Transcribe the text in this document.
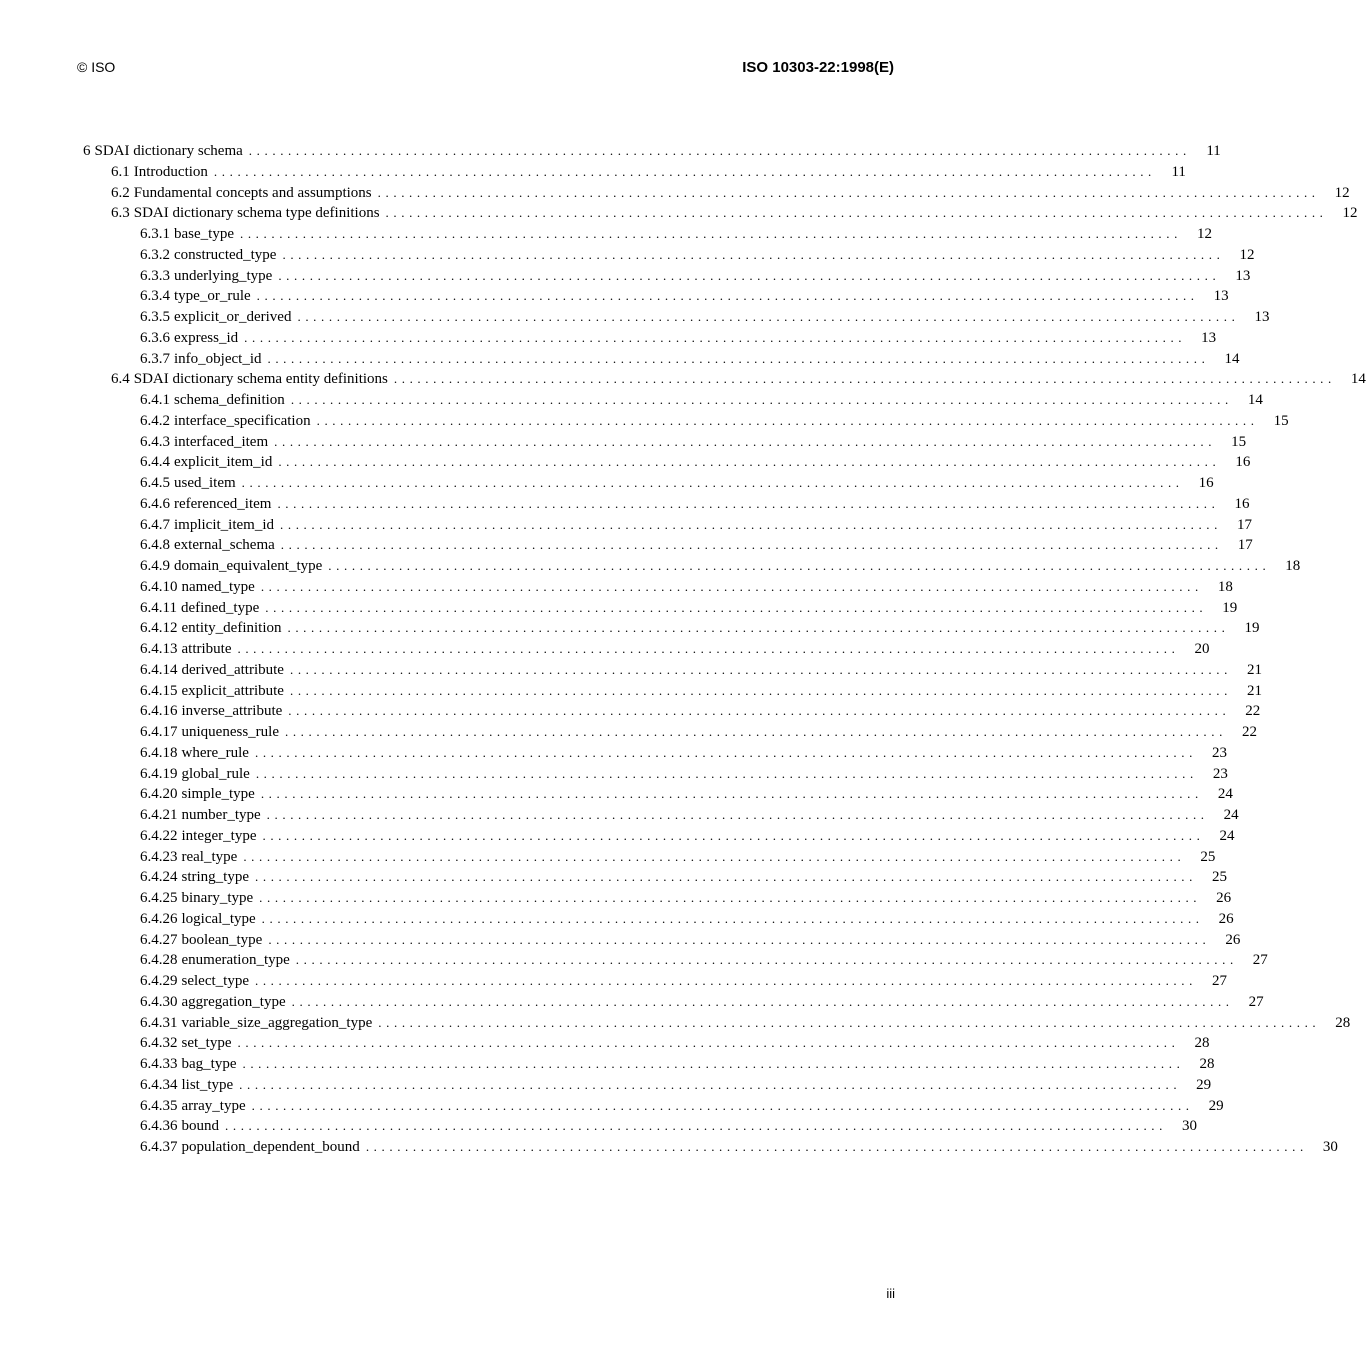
© ISO	ISO 10303-22:1998(E)
6 SDAI dictionary schema ........................................................................................................................	11
6.1 Introduction ........................................................................................................................	11
6.2 Fundamental concepts and assumptions ........................................................................................................................	12
6.3 SDAI dictionary schema type definitions ........................................................................................................................	12
6.3.1 base_type ........................................................................................................................	12
6.3.2 constructed_type ........................................................................................................................	12
6.3.3 underlying_type ........................................................................................................................	13
6.3.4 type_or_rule ........................................................................................................................	13
6.3.5 explicit_or_derived ........................................................................................................................	13
6.3.6 express_id ........................................................................................................................	13
6.3.7 info_object_id ........................................................................................................................	14
6.4 SDAI dictionary schema entity definitions ........................................................................................................................	14
6.4.1 schema_definition ........................................................................................................................	14
6.4.2 interface_specification ........................................................................................................................	15
6.4.3 interfaced_item ........................................................................................................................	15
6.4.4 explicit_item_id ........................................................................................................................	16
6.4.5 used_item ........................................................................................................................	16
6.4.6 referenced_item ........................................................................................................................	16
6.4.7 implicit_item_id ........................................................................................................................	17
6.4.8 external_schema ........................................................................................................................	17
6.4.9 domain_equivalent_type ........................................................................................................................	18
6.4.10 named_type ........................................................................................................................	18
6.4.11 defined_type ........................................................................................................................	19
6.4.12 entity_definition ........................................................................................................................	19
6.4.13 attribute ........................................................................................................................	20
6.4.14 derived_attribute ........................................................................................................................	21
6.4.15 explicit_attribute ........................................................................................................................	21
6.4.16 inverse_attribute ........................................................................................................................	22
6.4.17 uniqueness_rule ........................................................................................................................	22
6.4.18 where_rule ........................................................................................................................	23
6.4.19 global_rule ........................................................................................................................	23
6.4.20 simple_type ........................................................................................................................	24
6.4.21 number_type ........................................................................................................................	24
6.4.22 integer_type ........................................................................................................................	24
6.4.23 real_type ........................................................................................................................	25
6.4.24 string_type ........................................................................................................................	25
6.4.25 binary_type ........................................................................................................................	26
6.4.26 logical_type ........................................................................................................................	26
6.4.27 boolean_type ........................................................................................................................	26
6.4.28 enumeration_type ........................................................................................................................	27
6.4.29 select_type ........................................................................................................................	27
6.4.30 aggregation_type ........................................................................................................................	27
6.4.31 variable_size_aggregation_type ........................................................................................................................	28
6.4.32 set_type ........................................................................................................................	28
6.4.33 bag_type ........................................................................................................................	28
6.4.34 list_type ........................................................................................................................	29
6.4.35 array_type ........................................................................................................................	29
6.4.36 bound ........................................................................................................................	30
6.4.37 population_dependent_bound ........................................................................................................................	30
iii
